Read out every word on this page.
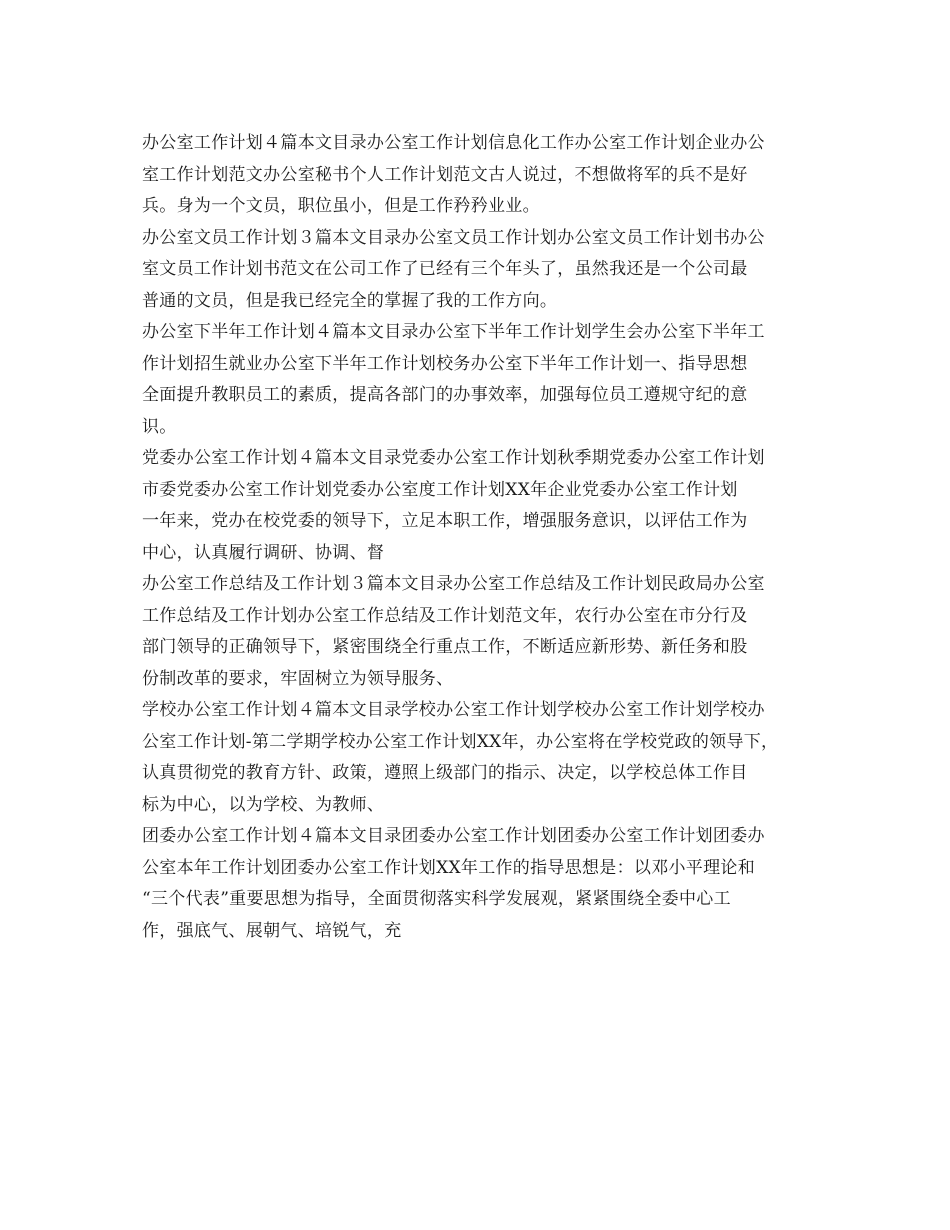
办公室工作计划４篇本文目录办公室工作计划信息化工作办公室工作计划企业办公
室工作计划范文办公室秘书个人工作计划范文古人说过，不想做将军的兵不是好
兵。身为一个文员，职位虽小，但是工作矜矜业业。
办公室文员工作计划３篇本文目录办公室文员工作计划办公室文员工作计划书办公
室文员工作计划书范文在公司工作了已经有三个年头了，虽然我还是一个公司最
普通的文员，但是我已经完全的掌握了我的工作方向。
办公室下半年工作计划４篇本文目录办公室下半年工作计划学生会办公室下半年工
作计划招生就业办公室下半年工作计划校务办公室下半年工作计划一、指导思想
全面提升教职员工的素质，提高各部门的办事效率，加强每位员工遵规守纪的意
识。
党委办公室工作计划４篇本文目录党委办公室工作计划秋季期党委办公室工作计划
市委党委办公室工作计划党委办公室度工作计划XX年企业党委办公室工作计划
一年来，党办在校党委的领导下，立足本职工作，增强服务意识，以评估工作为
中心，认真履行调研、协调、督
办公室工作总结及工作计划３篇本文目录办公室工作总结及工作计划民政局办公室
工作总结及工作计划办公室工作总结及工作计划范文年，农行办公室在市分行及
部门领导的正确领导下，紧密围绕全行重点工作，不断适应新形势、新任务和股
份制改革的要求，牢固树立为领导服务、
学校办公室工作计划４篇本文目录学校办公室工作计划学校办公室工作计划学校办
公室工作计划-第二学期学校办公室工作计划XX年，办公室将在学校党政的领导下，
认真贯彻党的教育方针、政策，遵照上级部门的指示、决定，以学校总体工作目
标为中心，以为学校、为教师、
团委办公室工作计划４篇本文目录团委办公室工作计划团委办公室工作计划团委办
公室本年工作计划团委办公室工作计划XX年工作的指导思想是：以邓小平理论和
“三个代表”重要思想为指导，全面贯彻落实科学发展观，紧紧围绕全委中心工
作，强底气、展朝气、培锐气，充
